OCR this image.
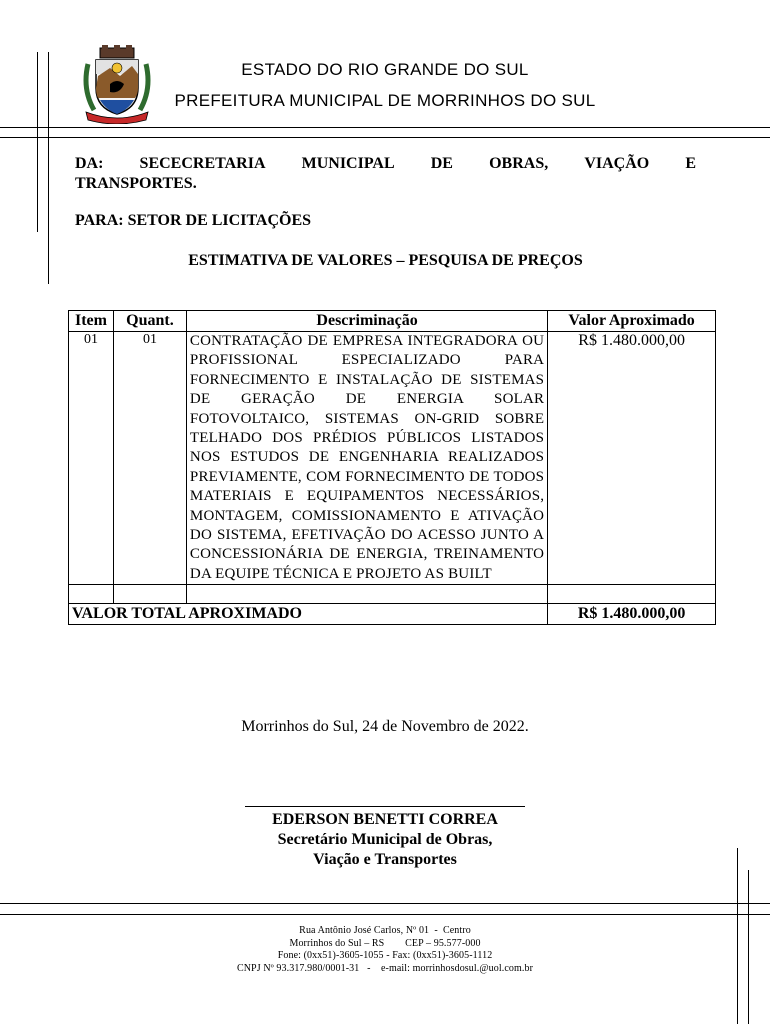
ESTADO DO RIO GRANDE DO SUL
PREFEITURA MUNICIPAL DE MORRINHOS DO SUL
DA: SECECRETARIA MUNICIPAL DE OBRAS, VIAÇÃO E
TRANSPORTES.
PARA: SETOR DE LICITAÇÕES
ESTIMATIVA DE VALORES – PESQUISA DE PREÇOS
Item	Quant.	Descriminação	Valor Aproximado
01	01	CONTRATAÇÃO DE EMPRESA INTEGRADORA OU PROFISSIONAL ESPECIALIZADO PARA FORNECIMENTO E INSTALAÇÃO DE SISTEMAS DE GERAÇÃO DE ENERGIA SOLAR FOTOVOLTAICO, SISTEMAS ON-GRID SOBRE TELHADO DOS PRÉDIOS PÚBLICOS LISTADOS NOS ESTUDOS DE ENGENHARIA REALIZADOS PREVIAMENTE, COM FORNECIMENTO DE TODOS MATERIAIS E EQUIPAMENTOS NECESSÁRIOS, MONTAGEM, COMISSIONAMENTO E ATIVAÇÃO DO SISTEMA, EFETIVAÇÃO DO ACESSO JUNTO A CONCESSIONÁRIA DE ENERGIA, TREINAMENTO DA EQUIPE TÉCNICA E PROJETO AS BUILT	R$ 1.480.000,00

VALOR TOTAL APROXIMADO			R$ 1.480.000,00
Morrinhos do Sul, 24 de Novembro de 2022.
EDERSON BENETTI CORREA
Secretário Municipal de Obras,
Viação e Transportes
Rua Antônio José Carlos, Nº 01  -  Centro
Morrinhos do Sul – RS        CEP – 95.577-000
Fone: (0xx51)-3605-1055 - Fax: (0xx51)-3605-1112
CNPJ Nº 93.317.980/0001-31   -    e-mail: morrinhosdosul.@uol.com.br
